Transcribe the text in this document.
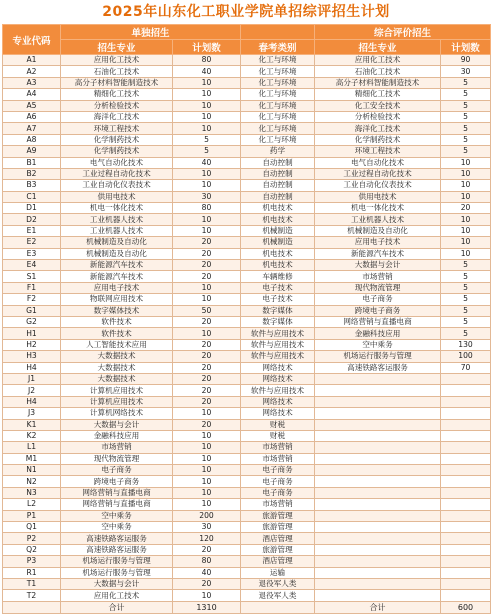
2025年山东化工职业学院单招综评招生计划
专业代码	单独招生			综合评价招生	
	招生专业	计划数	春考类别	招生专业	计划数
A1	应用化工技术	80	化工与环境	应用化工技术	90
A2	石油化工技术	40	化工与环境	石油化工技术	30
A3	高分子材料智能制造技术	10	化工与环境	高分子材料智能制造技术	5
A4	精细化工技术	10	化工与环境	精细化工技术	5
A5	分析检验技术	10	化工与环境	化工安全技术	5
A6	海洋化工技术	10	化工与环境	分析检验技术	5
A7	环境工程技术	10	化工与环境	海洋化工技术	5
A8	化学制药技术	5	化工与环境	化学制药技术	5
A9	化学制药技术	5	药学	环境工程技术	5
B1	电气自动化技术	40	自动控制	电气自动化技术	10
B2	工业过程自动化技术	10	自动控制	工业过程自动化技术	10
B3	工业自动化仪表技术	10	自动控制	工业自动化仪表技术	10
C1	供用电技术	30	自动控制	供用电技术	10
D1	机电一体化技术	80	机电技术	机电一体化技术	20
D2	工业机器人技术	10	机电技术	工业机器人技术	10
E1	工业机器人技术	10	机械制造	机械制造及自动化	10
E2	机械制造及自动化	20	机械制造	应用电子技术	10
E3	机械制造及自动化	20	机电技术	新能源汽车技术	10
E4	新能源汽车技术	20	机电技术	大数据与会计	5
S1	新能源汽车技术	20	车辆维修	市场营销	5
F1	应用电子技术	10	电子技术	现代物流管理	5
F2	物联网应用技术	10	电子技术	电子商务	5
G1	数字媒体技术	50	数字媒体	跨境电子商务	5
G2	软件技术	20	数字媒体	网络营销与直播电商	5
H1	软件技术	10	软件与应用技术	金融科技应用	5
H2	人工智能技术应用	20	软件与应用技术	空中乘务	130
H3	大数据技术	20	软件与应用技术	机场运行服务与管理	100
H4	大数据技术	20	网络技术	高速铁路客运服务	70
J1	大数据技术	20	网络技术		
J2	计算机应用技术	20	软件与应用技术		
H4	计算机应用技术	20	网络技术		
J3	计算机网络技术	10	网络技术		
K1	大数据与会计	20	财税		
K2	金融科技应用	10	财税		
L1	市场营销	10	市场营销		
M1	现代物流管理	10	市场营销		
N1	电子商务	10	电子商务		
N2	跨境电子商务	10	电子商务		
N3	网络营销与直播电商	10	电子商务		
L2	网络营销与直播电商	10	市场营销		
P1	空中乘务	200	旅游管理		
Q1	空中乘务	30	旅游管理		
P2	高速铁路客运服务	120	酒店管理		
Q2	高速铁路客运服务	20	旅游管理		
P3	机场运行服务与管理	80	酒店管理		
R1	机场运行服务与管理	40	运输		
T1	大数据与会计	20	退役军人类		
T2	应用化工技术	10	退役军人类		
	合计	1310		合计	600
